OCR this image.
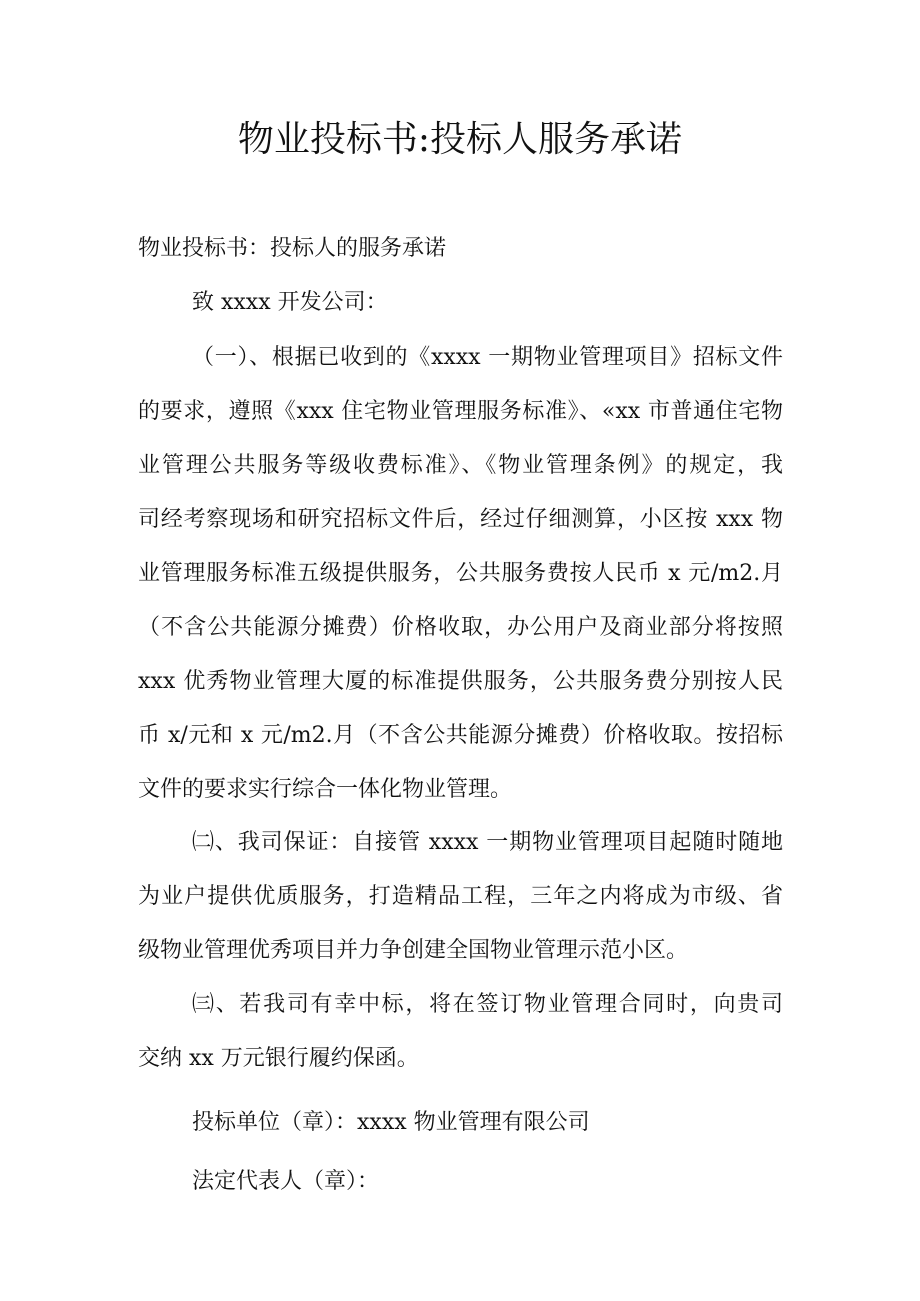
物业投标书:投标人服务承诺
物业投标书：投标人的服务承诺
致 xxxx 开发公司：
（一）、根据已收到的《xxxx 一期物业管理项目》招标文件
的要求，遵照《xxx 住宅物业管理服务标准》、«xx 市普通住宅物
业管理公共服务等级收费标准》、《物业管理条例》的规定，我
司经考察现场和研究招标文件后，经过仔细测算，小区按 xxx 物
业管理服务标准五级提供服务，公共服务费按人民币 x 元/m2.月
（不含公共能源分摊费）价格收取，办公用户及商业部分将按照
xxx 优秀物业管理大厦的标准提供服务，公共服务费分别按人民
币 x/元和 x 元/m2.月（不含公共能源分摊费）价格收取。按招标
文件的要求实行综合一体化物业管理。
㈡、我司保证：自接管 xxxx 一期物业管理项目起随时随地
为业户提供优质服务，打造精品工程，三年之内将成为市级、省
级物业管理优秀项目并力争创建全国物业管理示范小区。
㈢、若我司有幸中标，将在签订物业管理合同时，向贵司
交纳 xx 万元银行履约保函。
投标单位（章）：xxxx 物业管理有限公司
法定代表人（章）：
